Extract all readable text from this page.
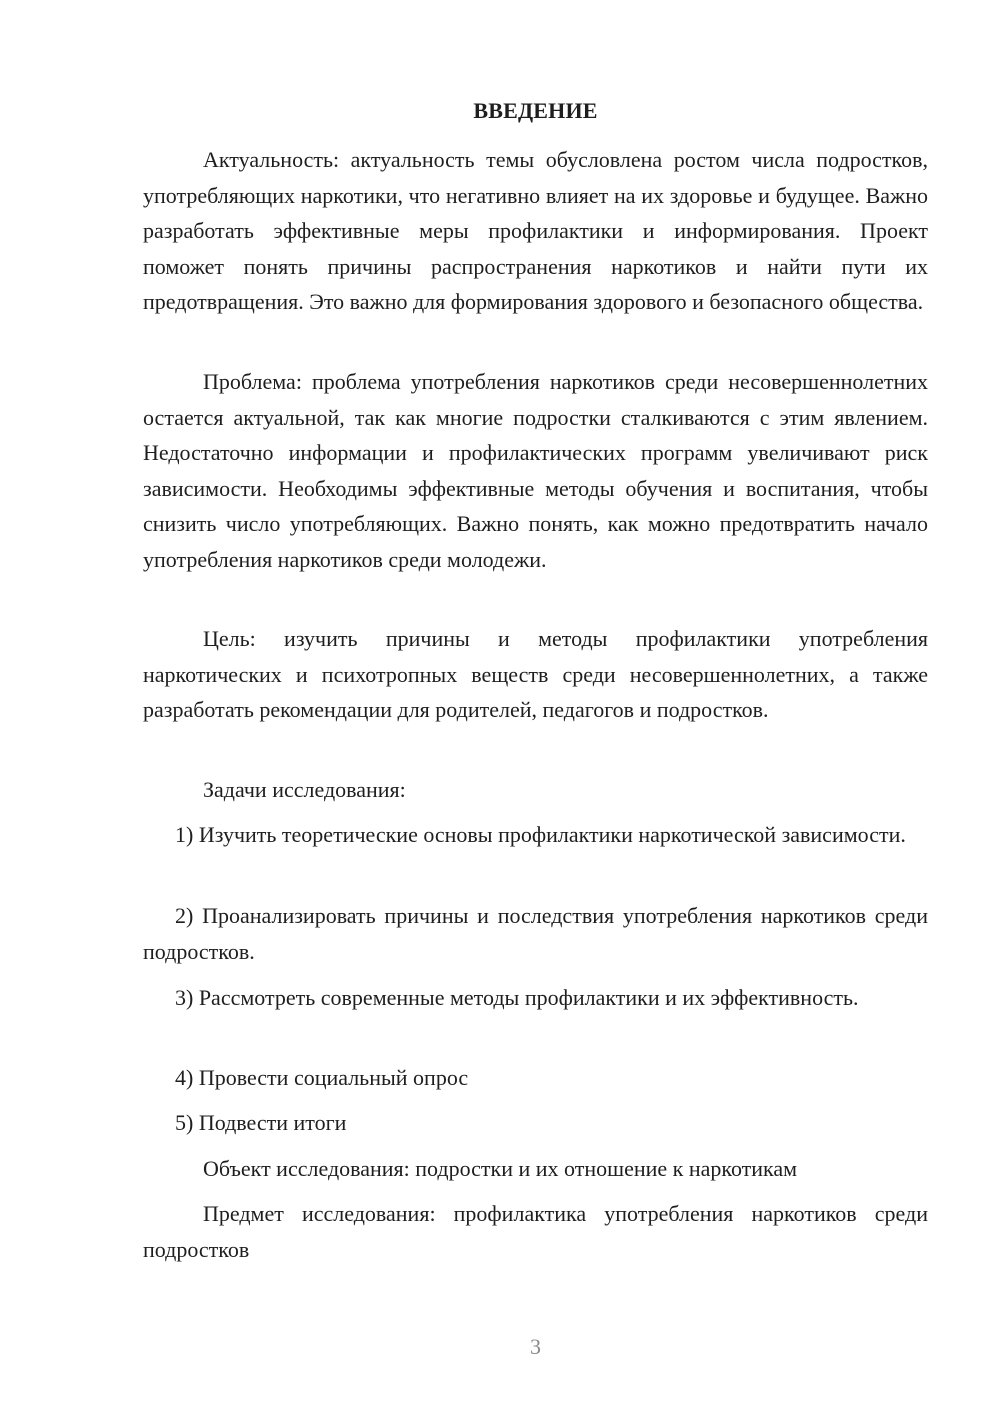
ВВЕДЕНИЕ

Актуальность: актуальность темы обусловлена ростом числа подростков, употребляющих наркотики, что негативно влияет на их здоровье и будущее. Важно разработать эффективные меры профилактики и информирования. Проект поможет понять причины распространения наркотиков и найти пути их предотвращения. Это важно для формирования здорового и безопасного общества.

Проблема: проблема употребления наркотиков среди несовершеннолетних остается актуальной, так как многие подростки сталкиваются с этим явлением. Недостаточно информации и профилактических программ увеличивают риск зависимости. Необходимы эффективные методы обучения и воспитания, чтобы снизить число употребляющих. Важно понять, как можно предотвратить начало употребления наркотиков среди молодежи.

Цель: изучить причины и методы профилактики употребления наркотических и психотропных веществ среди несовершеннолетних, а также разработать рекомендации для родителей, педагогов и подростков.

Задачи исследования:

1) Изучить теоретические основы профилактики наркотической зависимости.

2) Проанализировать причины и последствия употребления наркотиков среди подростков.

3) Рассмотреть современные методы профилактики и их эффективность.

4) Провести социальный опрос

5) Подвести итоги

Объект исследования: подростки и их отношение к наркотикам

Предмет исследования: профилактика употребления наркотиков среди подростков

3
